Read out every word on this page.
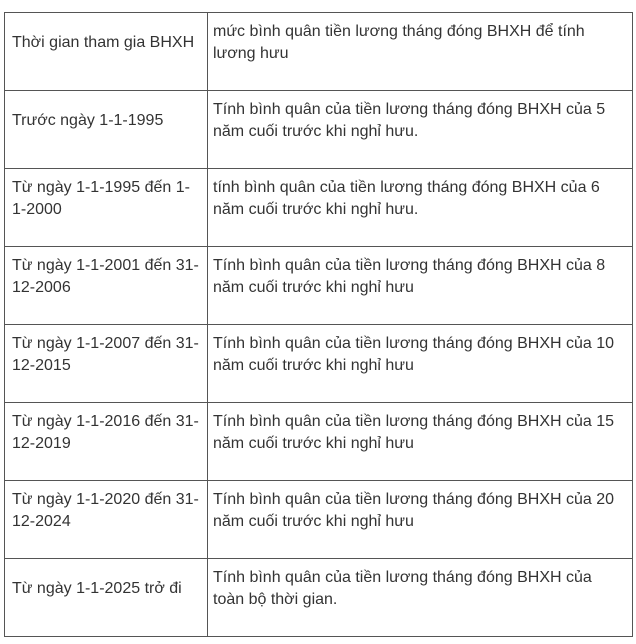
Thời gian tham gia BHXH	mức bình quân tiền lương tháng đóng BHXH để tính lương hưu

Trước ngày 1-1-1995	Tính bình quân của tiền lương tháng đóng BHXH của 5 năm cuối trước khi nghỉ hưu.

Từ ngày 1-1-1995 đến 1-1-2000	tính bình quân của tiền lương tháng đóng BHXH của 6 năm cuối trước khi nghỉ hưu.

Từ ngày 1-1-2001 đến 31-12-2006	Tính bình quân của tiền lương tháng đóng BHXH của 8 năm cuối trước khi nghỉ hưu

Từ ngày 1-1-2007 đến 31-12-2015	Tính bình quân của tiền lương tháng đóng BHXH của 10 năm cuối trước khi nghỉ hưu

Từ ngày 1-1-2016 đến 31-12-2019	Tính bình quân của tiền lương tháng đóng BHXH của 15 năm cuối trước khi nghỉ hưu

Từ ngày 1-1-2020 đến 31-12-2024	Tính bình quân của tiền lương tháng đóng BHXH của 20 năm cuối trước khi nghỉ hưu

Từ ngày 1-1-2025 trở đi	Tính bình quân của tiền lương tháng đóng BHXH của toàn bộ thời gian.
